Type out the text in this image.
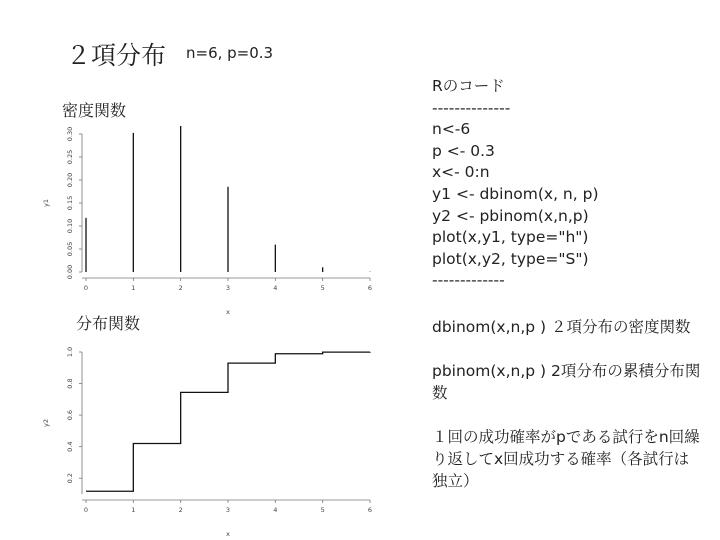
２項分布 n=6, p=0.3
密度関数
分布関数
0	1	2	3	4	5	6
0.00
0.05
0.10
0.15
0.20
0.25
0.30
x
y1
0	1	2	3	4	5	6
0.2
0.4
0.6
0.8
1.0
x
y2
Rのコード
--------------
n<-6
p <- 0.3
x<- 0:n
y1 <- dbinom(x, n, p)
y2 <- pbinom(x,n,p)
plot(x,y1, type="h")
plot(x,y2, type="S")
-------------

dbinom(x,n,p ) ２項分布の密度関数

pbinom(x,n,p ) 2項分布の累積分布関数

１回の成功確率がpである試行をn回繰り返してx回成功する確率（各試行は独立）
